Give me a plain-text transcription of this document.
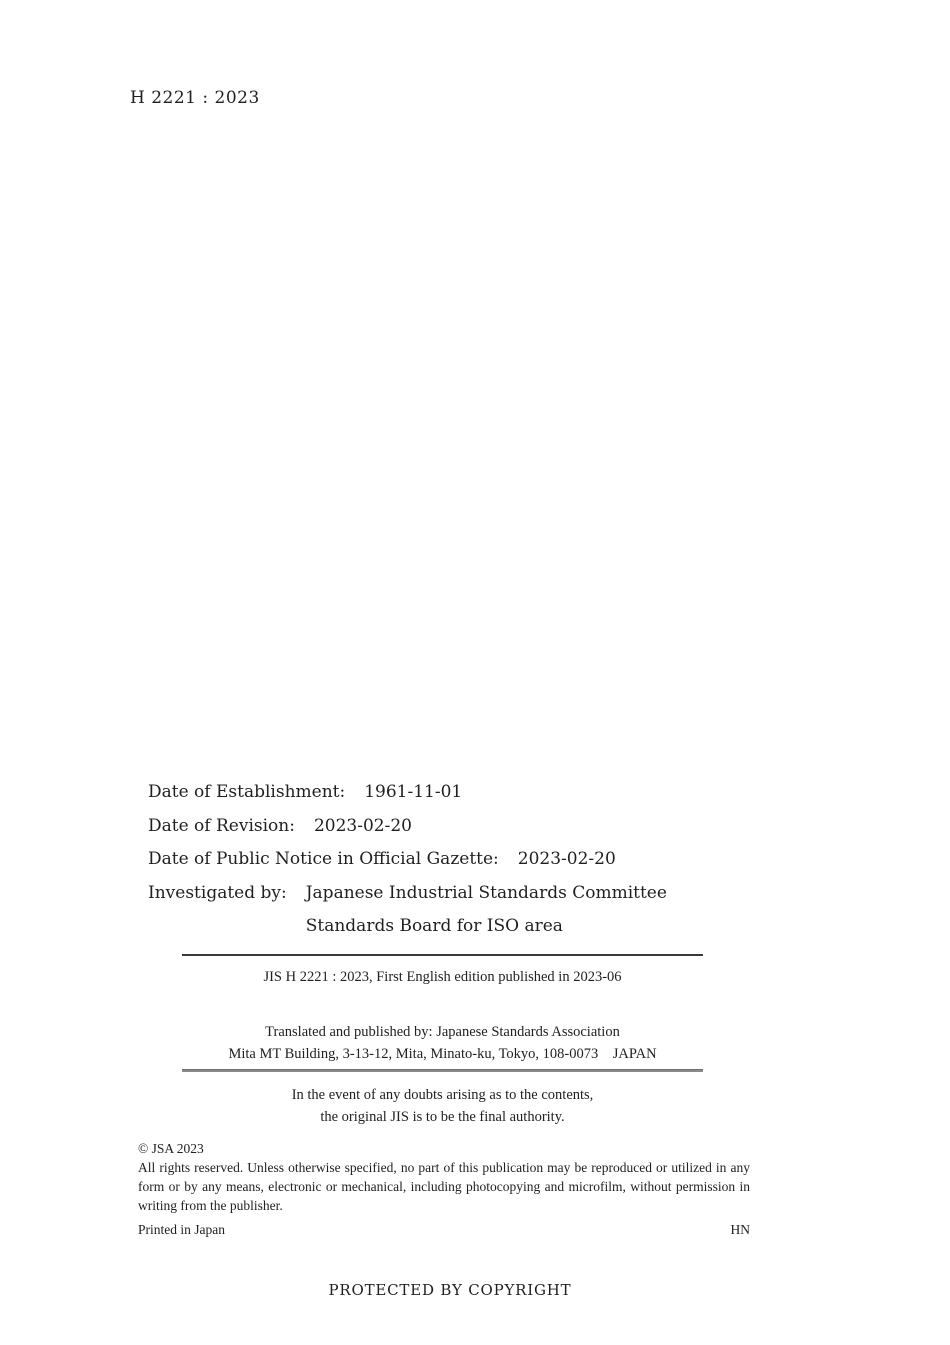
H 2221 : 2023
Date of Establishment: 1961-11-01
Date of Revision: 2023-02-20
Date of Public Notice in Official Gazette: 2023-02-20
Investigated by: Japanese Industrial Standards Committee
Standards Board for ISO area
JIS H 2221 : 2023, First English edition published in 2023-06
Translated and published by: Japanese Standards Association
Mita MT Building, 3-13-12, Mita, Minato-ku, Tokyo, 108-0073 JAPAN
In the event of any doubts arising as to the contents,
the original JIS is to be the final authority.
© JSA 2023
All rights reserved. Unless otherwise specified, no part of this publication may be reproduced or utilized in any form or by any means, electronic or mechanical, including photocopying and microfilm, without permission in writing from the publisher.
Printed in Japan	HN
PROTECTED BY COPYRIGHT
